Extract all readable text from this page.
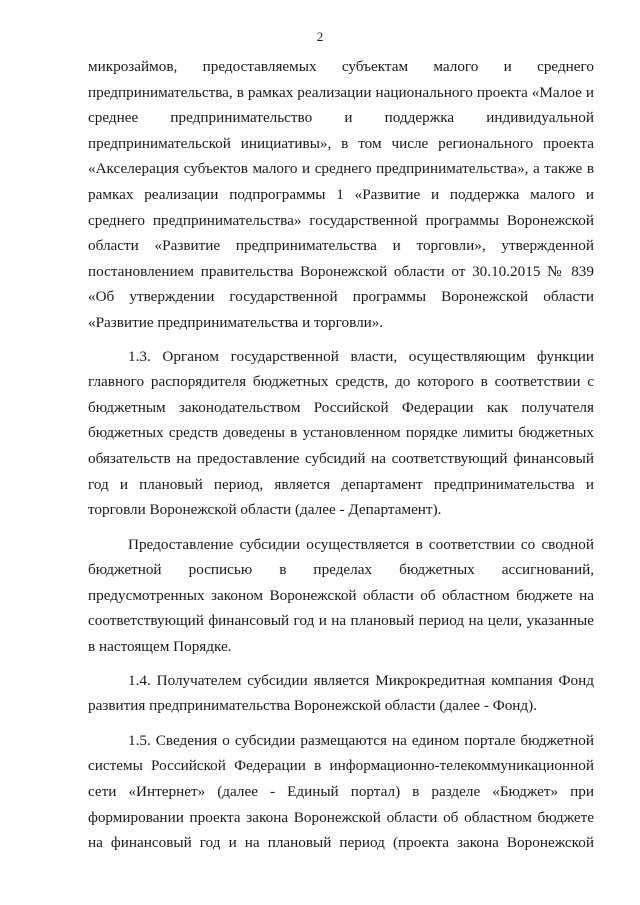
2

микрозаймов, предоставляемых субъектам малого и среднего
предпринимательства, в рамках реализации национального проекта «Малое и
среднее предпринимательство и поддержка индивидуальной
предпринимательской инициативы», в том числе регионального проекта
«Акселерация субъектов малого и среднего предпринимательства», а также в
рамках реализации подпрограммы 1 «Развитие и поддержка малого и
среднего предпринимательства» государственной программы Воронежской
области «Развитие предпринимательства и торговли», утвержденной
постановлением правительства Воронежской области от 30.10.2015 № 839
«Об утверждении государственной программы Воронежской области
«Развитие предпринимательства и торговли».

1.3. Органом государственной власти, осуществляющим функции
главного распорядителя бюджетных средств, до которого в соответствии с
бюджетным законодательством Российской Федерации как получателя
бюджетных средств доведены в установленном порядке лимиты бюджетных
обязательств на предоставление субсидий на соответствующий финансовый
год и плановый период, является департамент предпринимательства и
торговли Воронежской области (далее - Департамент).

Предоставление субсидии осуществляется в соответствии со сводной
бюджетной росписью в пределах бюджетных ассигнований,
предусмотренных законом Воронежской области об областном бюджете на
соответствующий финансовый год и на плановый период на цели, указанные
в настоящем Порядке.

1.4. Получателем субсидии является Микрокредитная компания Фонд
развития предпринимательства Воронежской области (далее - Фонд).

1.5. Сведения о субсидии размещаются на едином портале бюджетной
системы Российской Федерации в информационно-телекоммуникационной
сети «Интернет» (далее - Единый портал) в разделе «Бюджет» при
формировании проекта закона Воронежской области об областном бюджете
на финансовый год и на плановый период (проекта закона Воронежской
